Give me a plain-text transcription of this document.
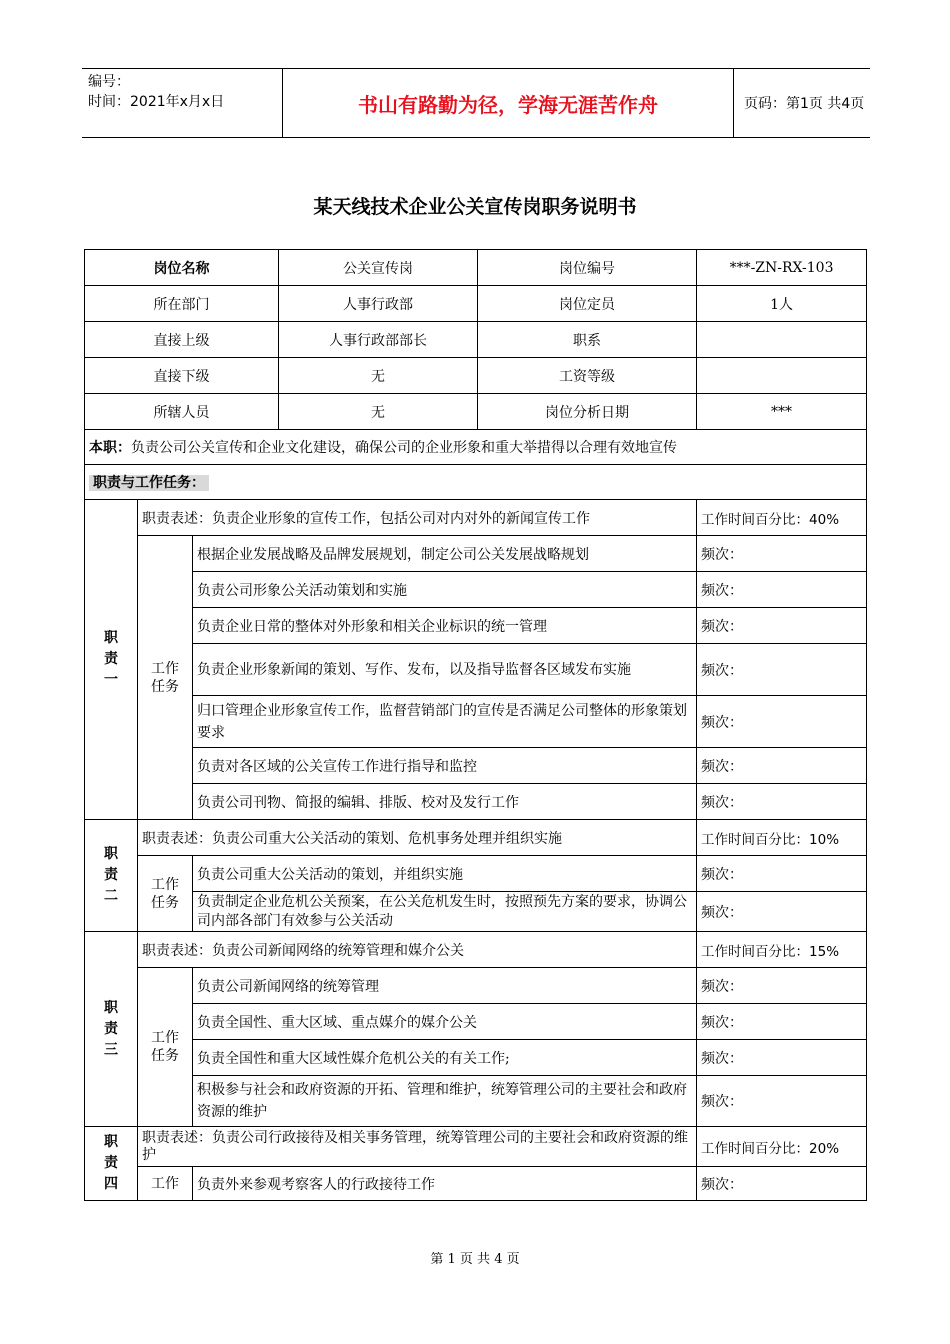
编号：
时间：2021年x月x日	书山有路勤为径，学海无涯苦作舟	页码：第1页 共4页
某天线技术企业公关宣传岗职务说明书
岗位名称			公关宣传岗	岗位编号	***-ZN-RX-103
所在部门			人事行政部	岗位定员	1人
直接上级			人事行政部部长	职系	
直接下级			无	工资等级	
所辖人员			无	岗位分析日期	***
本职：负责公司公关宣传和企业文化建设，确保公司的企业形象和重大举措得以合理有效地宣传					
职责与工作任务：					
职责一	职责表述：负责企业形象的宣传工作，包括公司对内对外的新闻宣传工作				工作时间百分比：40%
	工作任务	根据企业发展战略及品牌发展规划，制定公司公关发展战略规划			频次：
		负责公司形象公关活动策划和实施			频次：
		负责企业日常的整体对外形象和相关企业标识的统一管理			频次：
		负责企业形象新闻的策划、写作、发布，以及指导监督各区域发布实施			频次：
		归口管理企业形象宣传工作，监督营销部门的宣传是否满足公司整体的形象策划要求			频次：
		负责对各区域的公关宣传工作进行指导和监控			频次：
		负责公司刊物、简报的编辑、排版、校对及发行工作			频次：
职责二	职责表述：负责公司重大公关活动的策划、危机事务处理并组织实施				工作时间百分比：10%
	工作任务	负责公司重大公关活动的策划，并组织实施			频次：
		负责制定企业危机公关预案，在公关危机发生时，按照预先方案的要求，协调公司内部各部门有效参与公关活动			频次：
职责三	职责表述：负责公司新闻网络的统筹管理和媒介公关				工作时间百分比：15%
	工作任务	负责公司新闻网络的统筹管理			频次：
		负责全国性、重大区域、重点媒介的媒介公关			频次：
		负责全国性和重大区域性媒介危机公关的有关工作;			频次：
		积极参与社会和政府资源的开拓、管理和维护，统筹管理公司的主要社会和政府资源的维护			频次：
职责四	职责表述：负责公司行政接待及相关事务管理，统筹管理公司的主要社会和政府资源的维护				工作时间百分比：20%
	工作	负责外来参观考察客人的行政接待工作			频次：
第 1 页 共 4 页
